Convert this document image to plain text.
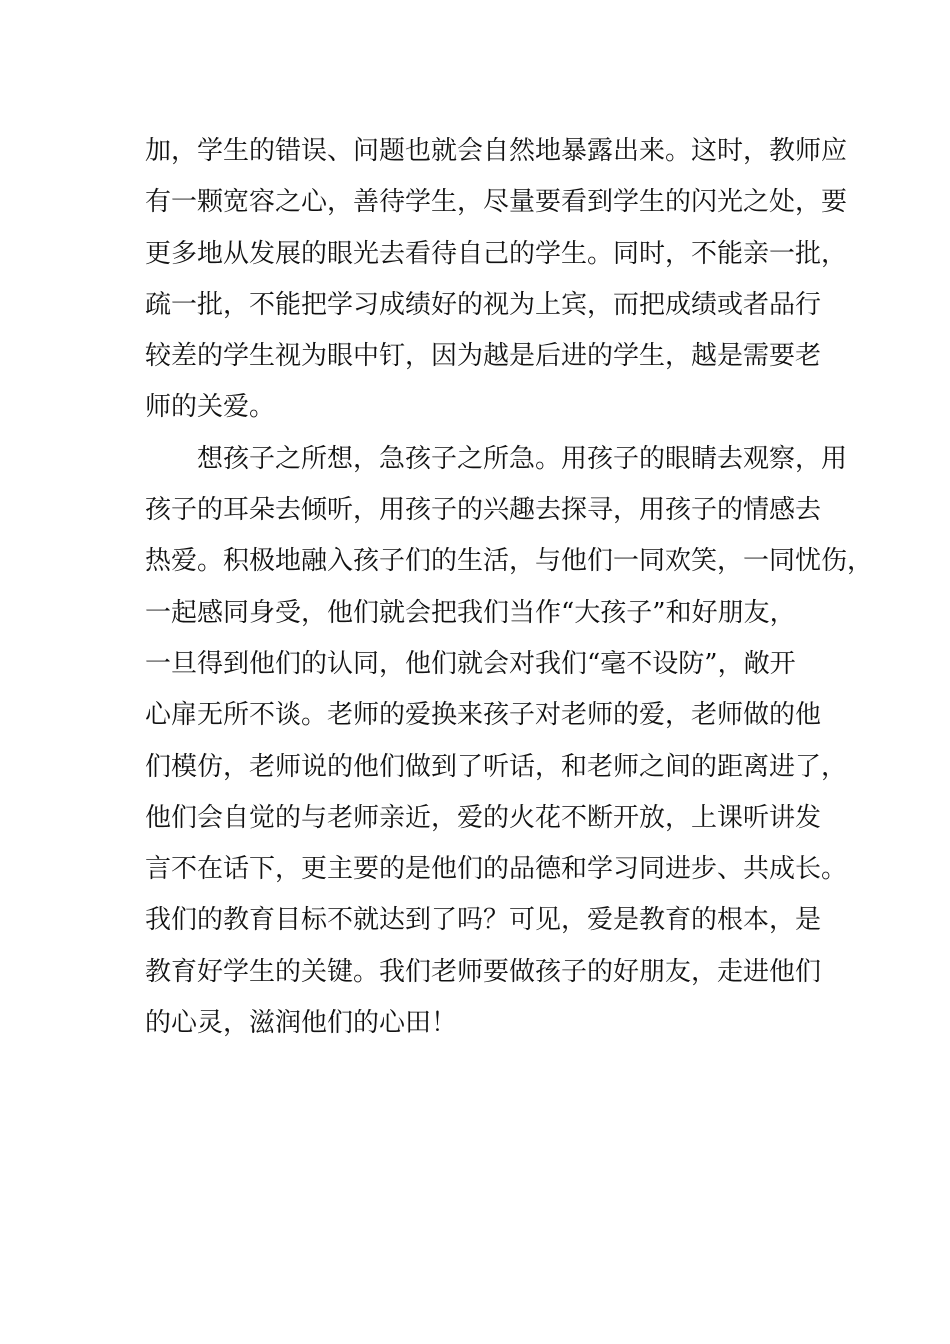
加，学生的错误、问题也就会自然地暴露出来。这时，教师应
有一颗宽容之心，善待学生，尽量要看到学生的闪光之处，要
更多地从发展的眼光去看待自己的学生。同时，不能亲一批，
疏一批，不能把学习成绩好的视为上宾，而把成绩或者品行
较差的学生视为眼中钉，因为越是后进的学生，越是需要老
师的关爱。
想孩子之所想，急孩子之所急。用孩子的眼睛去观察，用
孩子的耳朵去倾听，用孩子的兴趣去探寻，用孩子的情感去
热爱。积极地融入孩子们的生活，与他们一同欢笑，一同忧伤，
一起感同身受，他们就会把我们当作“大孩子”和好朋友，
一旦得到他们的认同，他们就会对我们“毫不设防”，敞开
心扉无所不谈。老师的爱换来孩子对老师的爱，老师做的他
们模仿，老师说的他们做到了听话，和老师之间的距离进了，
他们会自觉的与老师亲近，爱的火花不断开放，上课听讲发
言不在话下，更主要的是他们的品德和学习同进步、共成长。
我们的教育目标不就达到了吗？可见，爱是教育的根本，是
教育好学生的关键。我们老师要做孩子的好朋友，走进他们
的心灵，滋润他们的心田！
